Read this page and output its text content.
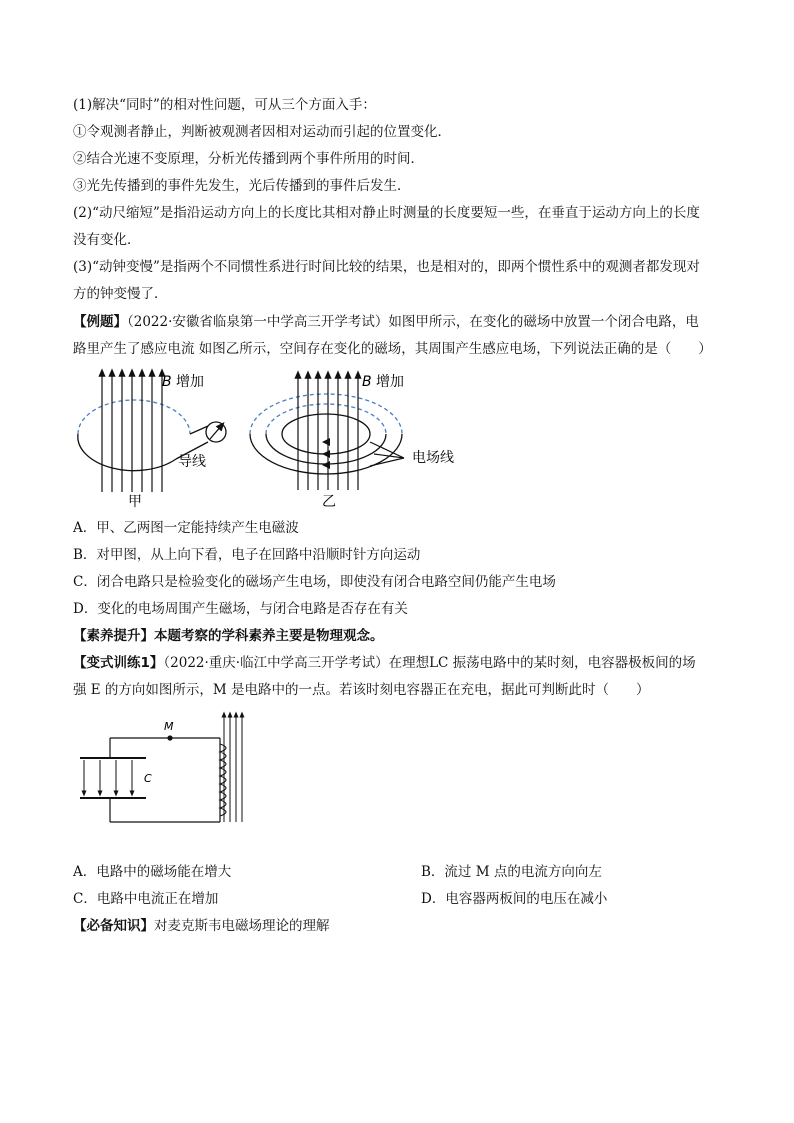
(1)解决“同时”的相对性问题，可从三个方面入手：
①令观测者静止，判断被观测者因相对运动而引起的位置变化．
②结合光速不变原理，分析光传播到两个事件所用的时间．
③光先传播到的事件先发生，光后传播到的事件后发生．
(2)“动尺缩短”是指沿运动方向上的长度比其相对静止时测量的长度要短一些，在垂直于运动方向上的长度
没有变化．
(3)“动钟变慢”是指两个不同惯性系进行时间比较的结果，也是相对的，即两个惯性系中的观测者都发现对
方的钟变慢了．
【例题】（2022·安徽省临泉第一中学高三开学考试）如图甲所示，在变化的磁场中放置一个闭合电路，电
路里产生了感应电流 如图乙所示，空间存在变化的磁场，其周围产生感应电场，下列说法正确的是（　　）
B 增加
导线
甲
B 增加
电场线
乙
A．甲、乙两图一定能持续产生电磁波
B．对甲图，从上向下看，电子在回路中沿顺时针方向运动
C．闭合电路只是检验变化的磁场产生电场，即使没有闭合电路空间仍能产生电场
D．变化的电场周围产生磁场，与闭合电路是否存在有关
【素养提升】本题考察的学科素养主要是物理观念。
【变式训练1】（2022·重庆·临江中学高三开学考试）在理想LC 振荡电路中的某时刻，电容器极板间的场
强 E 的方向如图所示，M 是电路中的一点。若该时刻电容器正在充电，据此可判断此时（　　）
M
C
A．电路中的磁场能在增大	B．流过 M 点的电流方向向左
C．电路中电流正在增加	D．电容器两板间的电压在减小
【必备知识】对麦克斯韦电磁场理论的理解
